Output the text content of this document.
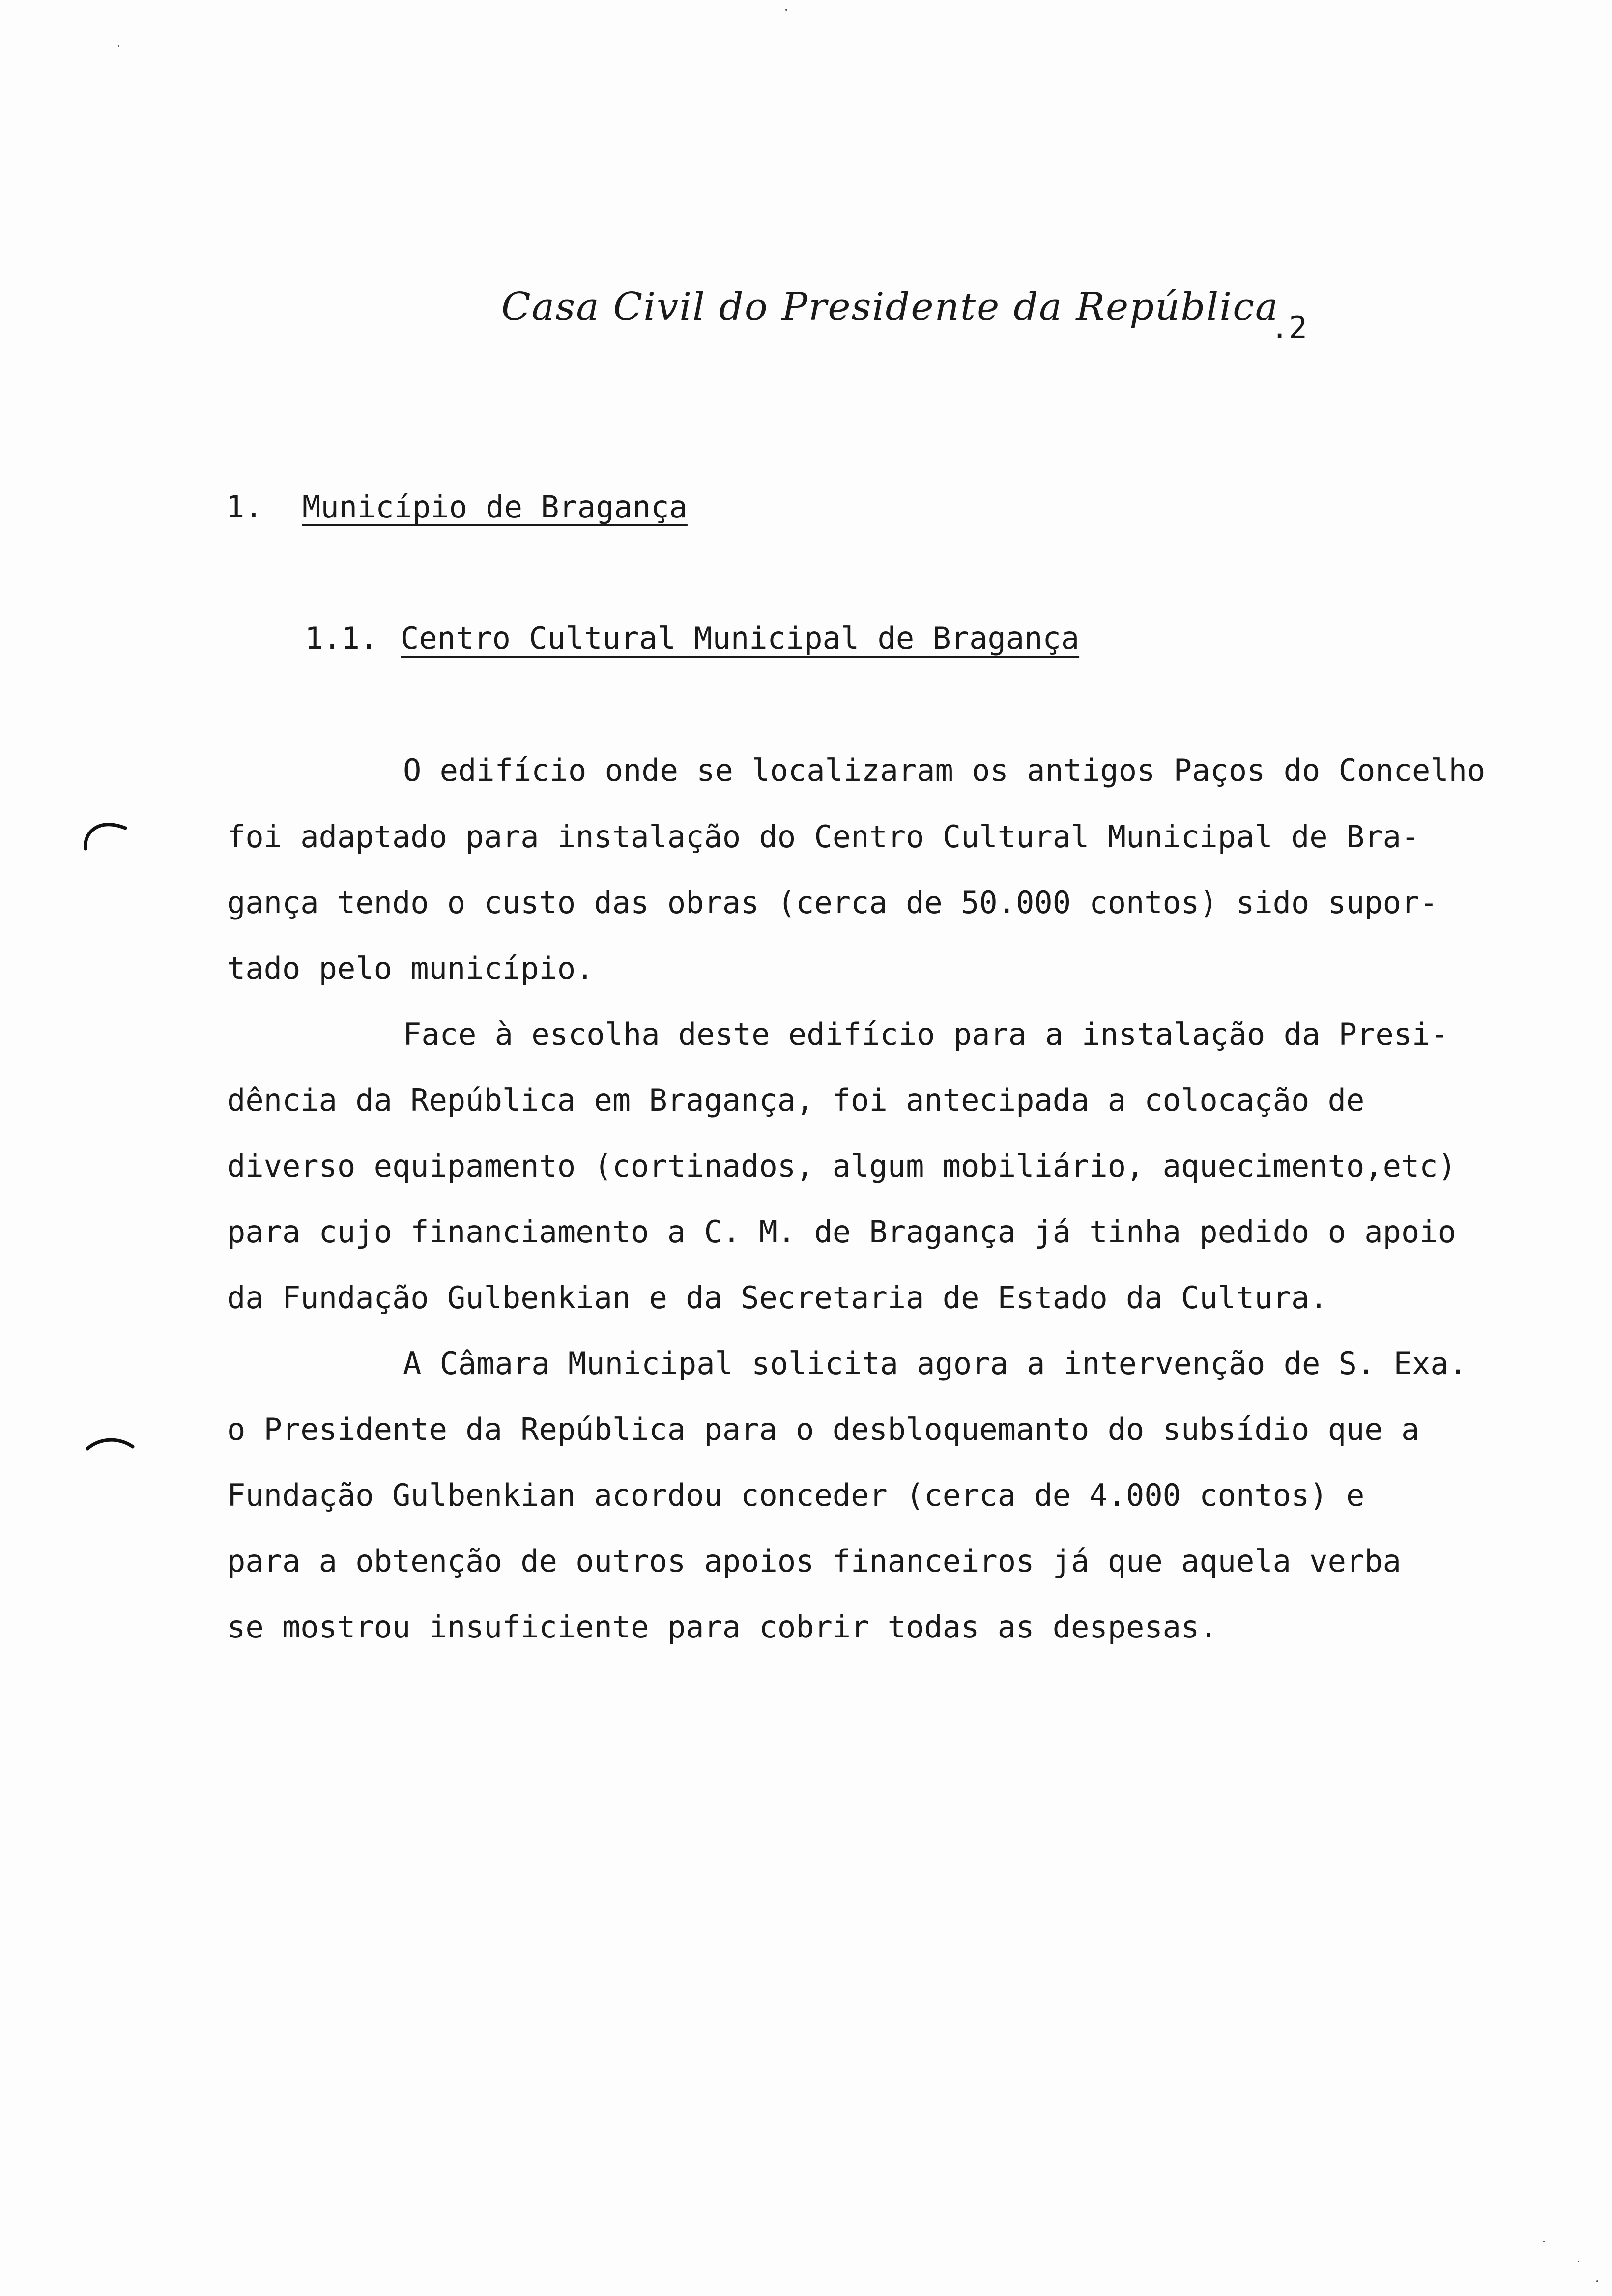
Casa Civil do Presidente da República
.2
1. Município de Bragança
1.1. Centro Cultural Municipal de Bragança
O edifício onde se localizaram os antigos Paços do Concelho
foi adaptado para instalação do Centro Cultural Municipal de Bra-
gança tendo o custo das obras (cerca de 50.000 contos) sido supor-
tado pelo município.
Face à escolha deste edifício para a instalação da Presi-
dência da República em Bragança, foi antecipada a colocação de
diverso equipamento (cortinados, algum mobiliário, aquecimento,etc)
para cujo financiamento a C. M. de Bragança já tinha pedido o apoio
da Fundação Gulbenkian e da Secretaria de Estado da Cultura.
A Câmara Municipal solicita agora a intervenção de S. Exa.
o Presidente da República para o desbloquemanto do subsídio que a
Fundação Gulbenkian acordou conceder (cerca de 4.000 contos) e
para a obtenção de outros apoios financeiros já que aquela verba
se mostrou insuficiente para cobrir todas as despesas.
